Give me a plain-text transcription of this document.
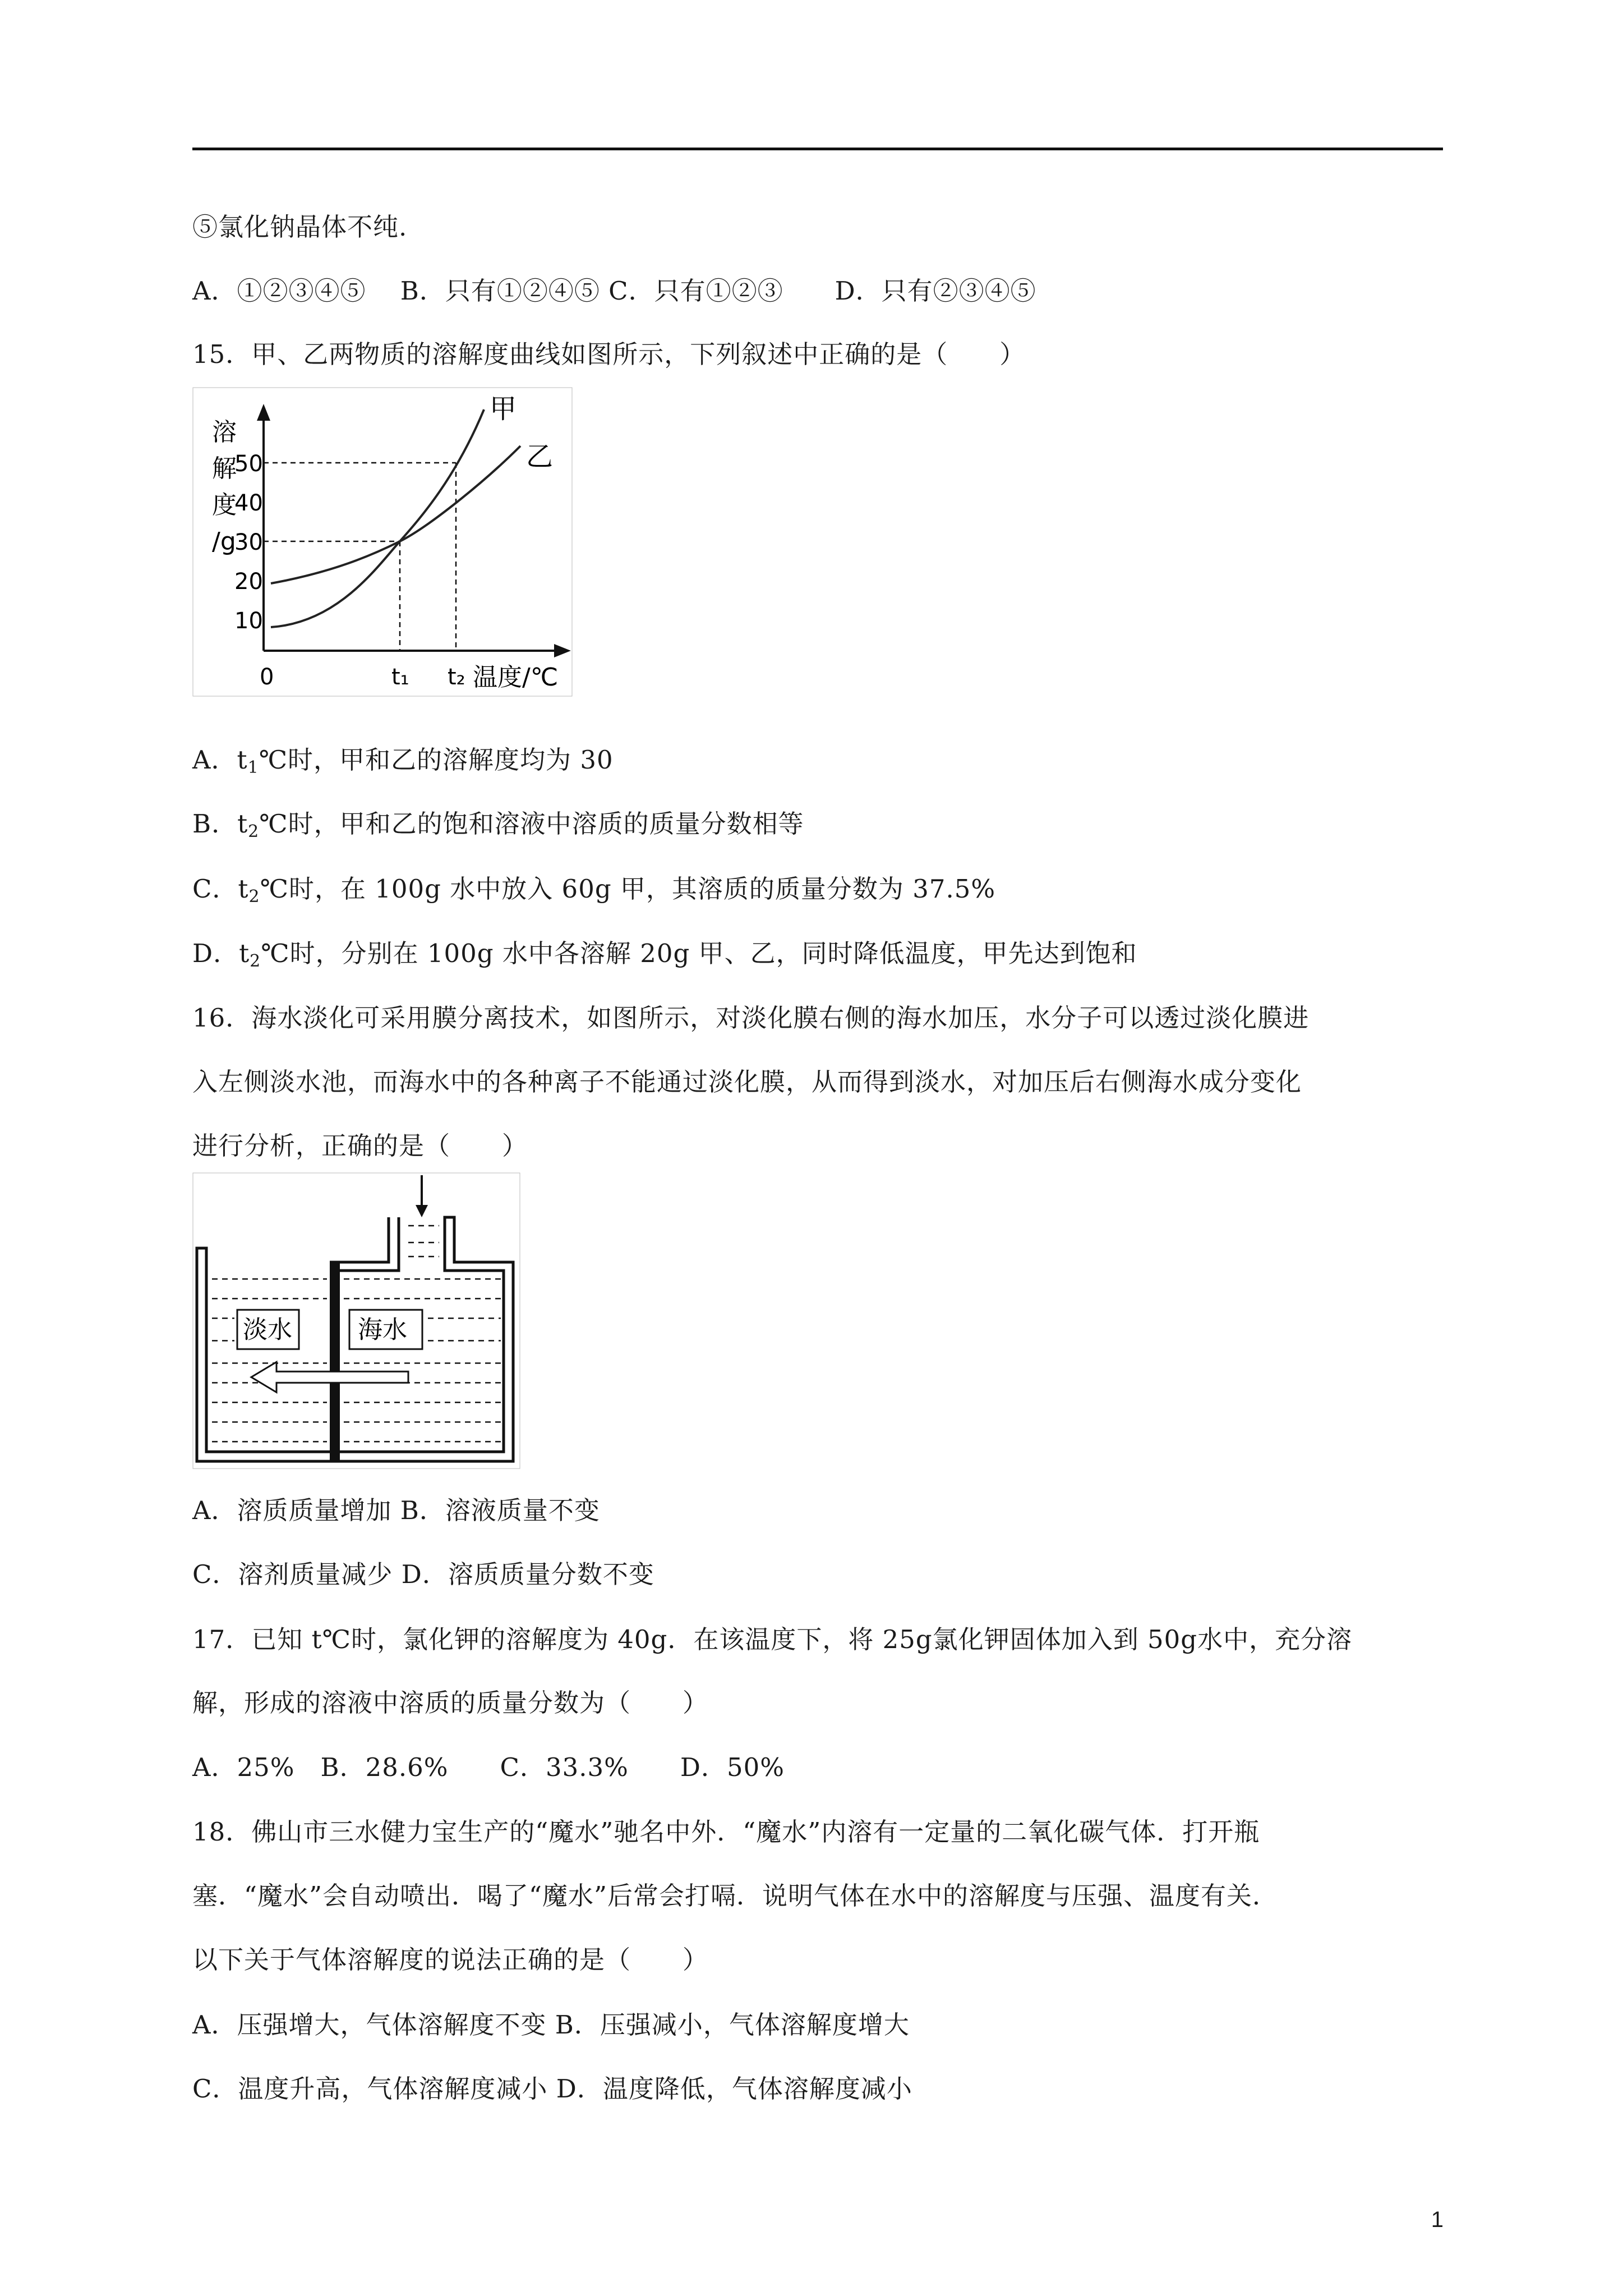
⑤氯化钠晶体不纯.
A．①②③④⑤　 B．只有①②④⑤ C．只有①②③　　D．只有②③④⑤
15．甲、乙两物质的溶解度曲线如图所示，下列叙述中正确的是（　　）
溶
解
度
/g
10
20
30
40
50
甲
乙
0	t₁ t₂ 温度/℃
A．$t_1℃$时，甲和乙的溶解度均为 30
B．$t_2℃$时，甲和乙的饱和溶液中溶质的质量分数相等
C．$t_2℃$时，在 100g 水中放入 60g 甲，其溶质的质量分数为 37.5%
D．$t_2℃$时，分别在 100g 水中各溶解 20g 甲、乙，同时降低温度，甲先达到饱和
16．海水淡化可采用膜分离技术，如图所示，对淡化膜右侧的海水加压，水分子可以透过淡化膜进
入左侧淡水池，而海水中的各种离子不能通过淡化膜，从而得到淡水，对加压后右侧海水成分变化
进行分析，正确的是（　　）
淡水	海水
A．溶质质量增加 B．溶液质量不变
C．溶剂质量减少 D．溶质质量分数不变
17．已知 t℃时，氯化钾的溶解度为 40g．在该温度下，将 25g氯化钾固体加入到 50g水中，充分溶
解，形成的溶液中溶质的质量分数为（　　）
A．25%　B．28.6%　　C．33.3%　　D．50%
18．佛山市三水健力宝生产的“魔水”驰名中外．“魔水”内溶有一定量的二氧化碳气体．打开瓶
塞．“魔水”会自动喷出．喝了“魔水”后常会打嗝．说明气体在水中的溶解度与压强、温度有关．
以下关于气体溶解度的说法正确的是（　　）
A．压强增大，气体溶解度不变 B．压强减小，气体溶解度增大
C．温度升高，气体溶解度减小 D．温度降低，气体溶解度减小
1
